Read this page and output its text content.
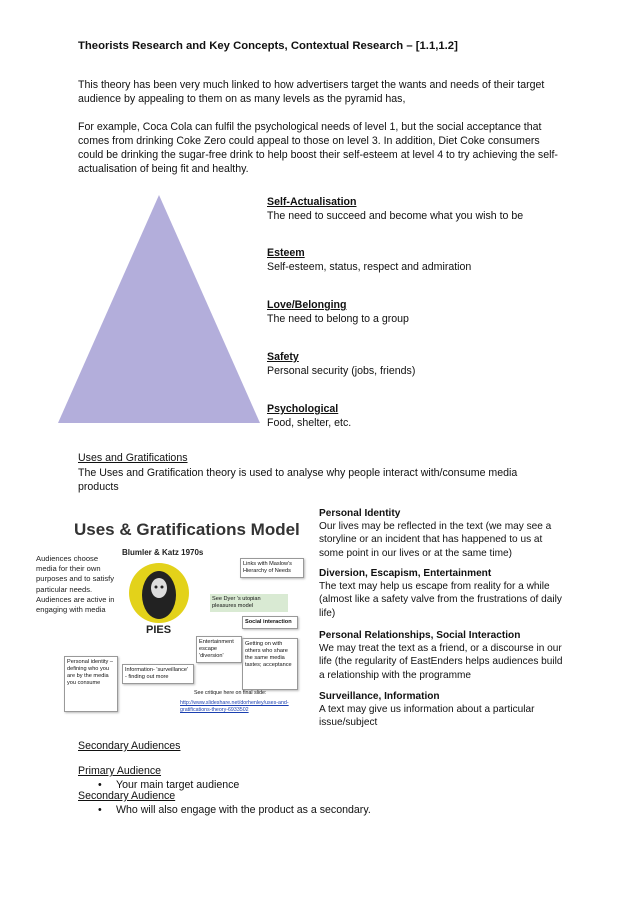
Theorists Research and Key Concepts, Contextual Research – [1.1,1.2]
This theory has been very much linked to how advertisers target the wants and needs of their target audience by appealing to them on as many levels as the pyramid has,
For example, Coca Cola can fulfil the psychological needs of level 1, but the social acceptance that comes from drinking Coke Zero could appeal to those on level 3. In addition, Diet Coke consumers could be drinking the sugar-free drink to help boost their self-esteem at level 4 to try achieving the self-actualisation of being fit and healthy.
Self-Actualisation
The need to succeed and become what you wish to be
Esteem
Self-esteem, status, respect and admiration
Love/Belonging
The need to belong to a group
Safety
Personal security (jobs, friends)
Psychological
Food, shelter, etc.
Uses and Gratifications
The Uses and Gratification theory is used to analyse why people interact with/consume media products
Uses & Gratifications Model
Blumler & Katz 1970s
Audiences choose media for their own purposes and to satisfy particular needs. Audiences are active in engaging with media
PIES
Links with Maslow's Hierarchy of Needs
See Dyer 's utopian pleasures model
Social interaction
Getting on with others who share the same media tastes; acceptance
Entertainment escape 'diversion'
Personal identity – defining who you are by the media you consume
Information- 'surveillance' - finding out more
See critique here on final slide:
http://www.slideshare.net/dorhenley/uses-and-gratifications-theory-6933502
Personal Identity
Our lives may be reflected in the text (we may see a storyline or an incident that has happened to us at some point in our lives or at the same time)
Diversion, Escapism, Entertainment
The text may help us escape from reality for a while (almost like a safety valve from the frustrations of daily life)
Personal Relationships, Social Interaction
We may treat the text as a friend, or a discourse in our life (the regularity of EastEnders helps audiences build a relationship with the programme
Surveillance, Information
A text may give us information about a particular issue/subject
Secondary Audiences
Primary Audience
• Your main target audience
Secondary Audience
• Who will also engage with the product as a secondary.
